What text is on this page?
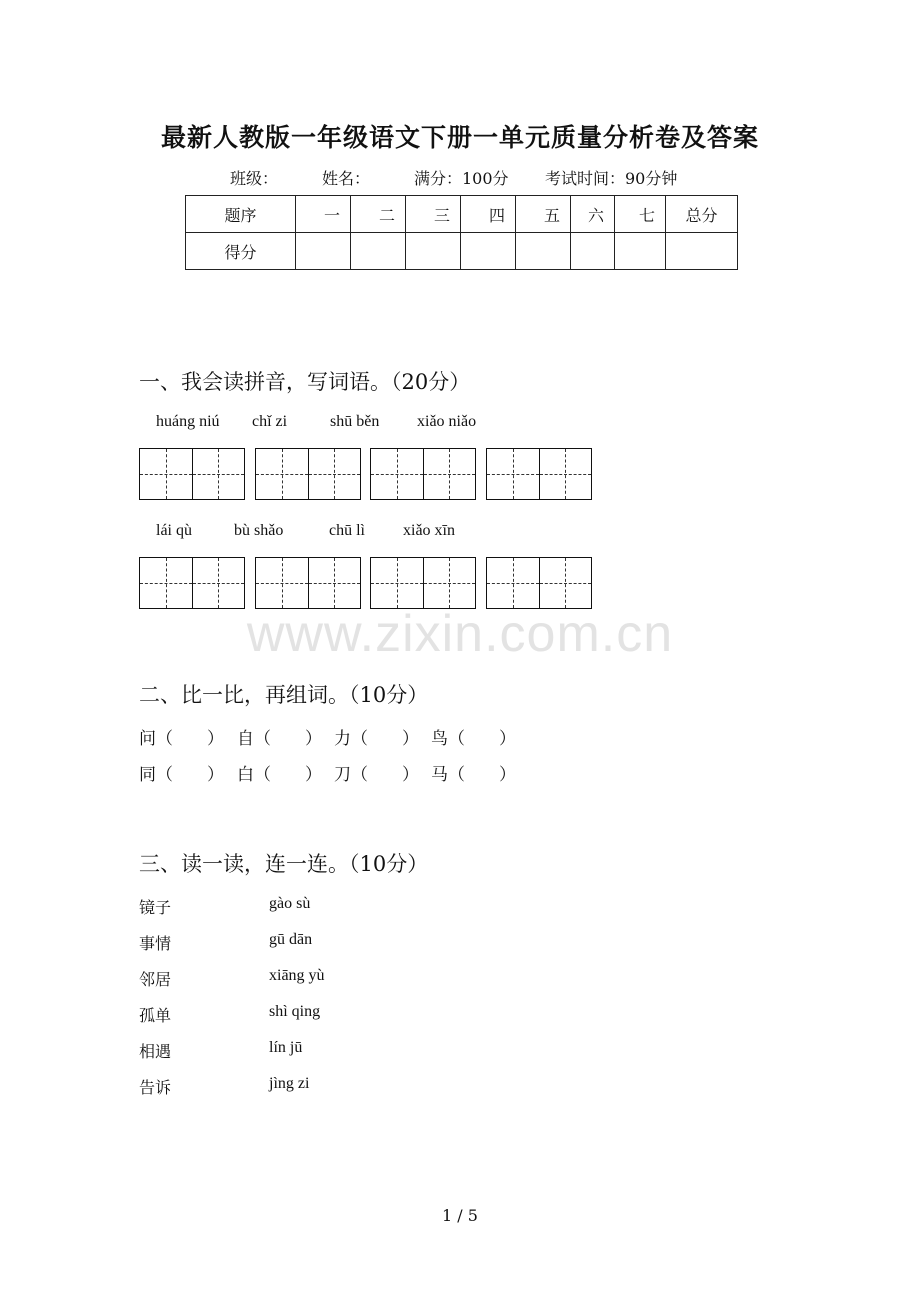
最新人教版一年级语文下册一单元质量分析卷及答案
班级：	姓名：	满分：100分 考试时间：90分钟
题序	一	二	三	四	五	六	七	总分
得分								
一、我会读拼音，写词语。（20分）
huáng niú chǐ zi	shū běn xiǎo niǎo
lái qù	bù shǎo	chū lì xiǎo xīn
www.zixin.com.cn
二、比一比，再组词。（10分）
问（　　） 自（　　） 力（　　） 鸟（　　）
同（　　） 白（　　） 刀（　　） 马（　　）
三、读一读，连一连。（10分）
镜子	gào sù
事情	gū dān
邻居	xiāng yù
孤单	shì qing
相遇	lín jū
告诉	jìng zi
1 / 5
